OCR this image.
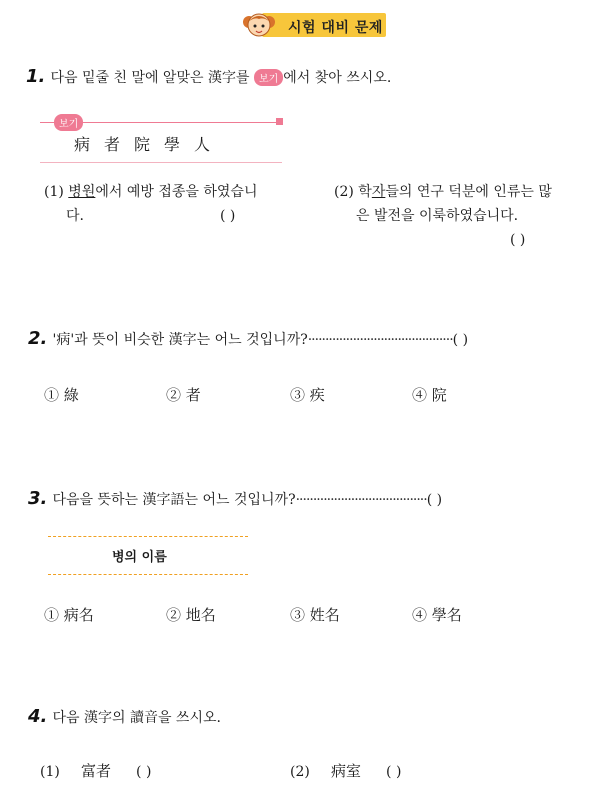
시험 대비 문제
1. 다음 밑줄 친 말에 알맞은 漢字를 보기 에서 찾아 쓰시오.
보기
病者院學人
(1) 병원에서 예방 접종을 하였습니
다.	( )
(2) 학자들의 연구 덕분에 인류는 많
은 발전을 이룩하였습니다.

( )
2. '病'과 뜻이 비슷한 漢字는 어느 것입니까?··········································( )
① 綠	② 者	③ 疾	④ 院
3. 다음을 뜻하는 漢字語는 어느 것입니까?······································( )
병의 이름
① 病名	② 地名	③ 姓名	④ 學名
4. 다음 漢字의 讀音을 쓰시오.
(1) 富者 ( )	(2) 病室 ( )
